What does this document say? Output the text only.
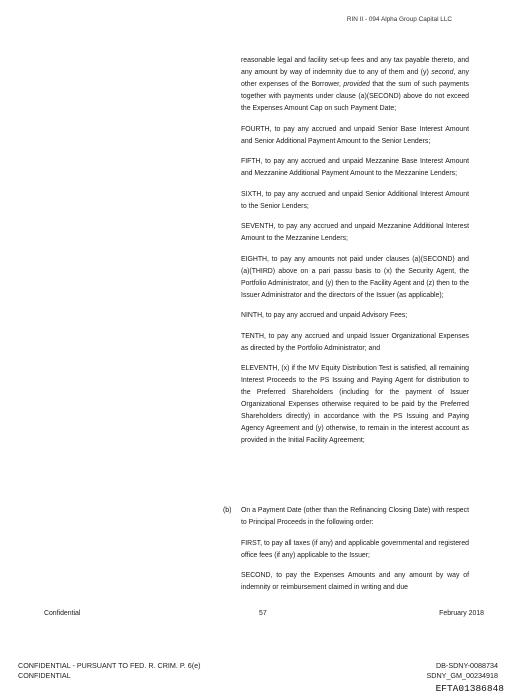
RIN II - 094 Alpha Group Capital LLC

reasonable legal and facility set-up fees and any tax payable thereto, and any amount by way of indemnity due to any of them and (y) second, any other expenses of the Borrower, provided that the sum of such payments together with payments under clause (a)(SECOND) above do not exceed the Expenses Amount Cap on such Payment Date;

FOURTH, to pay any accrued and unpaid Senior Base Interest Amount and Senior Additional Payment Amount to the Senior Lenders;

FIFTH, to pay any accrued and unpaid Mezzanine Base Interest Amount and Mezzanine Additional Payment Amount to the Mezzanine Lenders;

SIXTH, to pay any accrued and unpaid Senior Additional Interest Amount to the Senior Lenders;

SEVENTH, to pay any accrued and unpaid Mezzanine Additional Interest Amount to the Mezzanine Lenders;

EIGHTH, to pay any amounts not paid under clauses (a)(SECOND) and (a)(THIRD) above on a pari passu basis to (x) the Security Agent, the Portfolio Administrator, and (y) then to the Facility Agent and (z) then to the Issuer Administrator and the directors of the Issuer (as applicable);

NINTH, to pay any accrued and unpaid Advisory Fees;

TENTH, to pay any accrued and unpaid Issuer Organizational Expenses as directed by the Portfolio Administrator; and

ELEVENTH, (x) if the MV Equity Distribution Test is satisfied, all remaining Interest Proceeds to the PS Issuing and Paying Agent for distribution to the Preferred Shareholders (including for the payment of Issuer Organizational Expenses otherwise required to be paid by the Preferred Shareholders directly) in accordance with the PS Issuing and Paying Agency Agreement and (y) otherwise, to remain in the interest account as provided in the Initial Facility Agreement;

(b) On a Payment Date (other than the Refinancing Closing Date) with respect to Principal Proceeds in the following order:

FIRST, to pay all taxes (if any) and applicable governmental and registered office fees (if any) applicable to the Issuer;

SECOND, to pay the Expenses Amounts and any amount by way of indemnity or reimbursement claimed in writing and due

Confidential	57	February 2018
CONFIDENTIAL - PURSUANT TO FED. R. CRIM. P. 6(e)
CONFIDENTIAL
DB-SDNY-0088734
SDNY_GM_00234918
EFTA01386848
